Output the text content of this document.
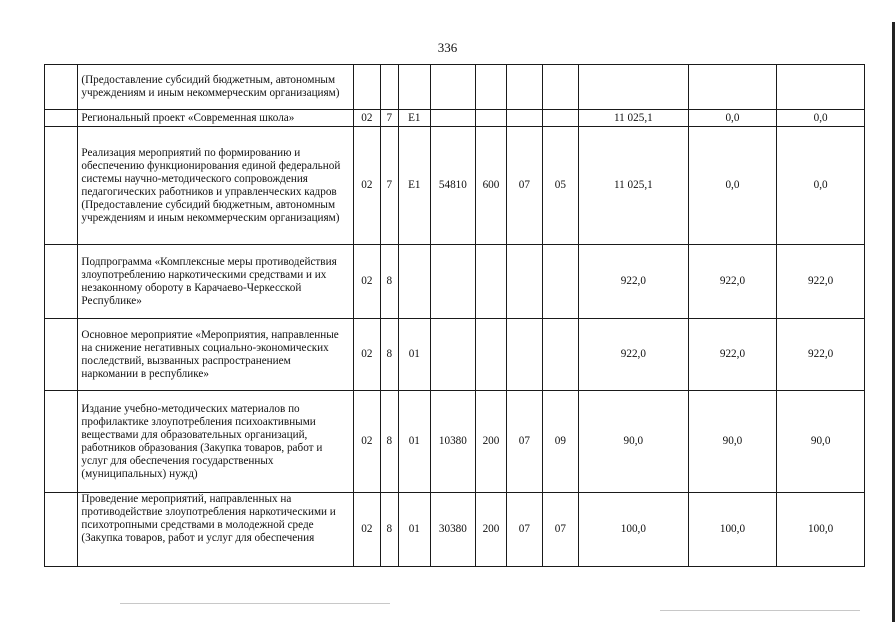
336
	(Предоставление субсидий бюджетным, автономным учреждениям и иным некоммерческим организациям)										
	Региональный проект «Современная школа»	02	7	E1					11 025,1	0,0	0,0
	Реализация мероприятий по формированию и обеспечению функционирования единой федеральной системы научно-методического сопровождения педагогических работников и управленческих кадров (Предоставление субсидий бюджетным, автономным учреждениям и иным некоммерческим организациям)	02	7	E1	54810	600	07	05	11 025,1	0,0	0,0
	Подпрограмма «Комплексные меры противодействия злоупотреблению наркотическими средствами и их незаконному обороту в Карачаево-Черкесской Республике»	02	8						922,0	922,0	922,0
	Основное мероприятие «Мероприятия, направленные на снижение негативных социально-экономических последствий, вызванных распространением наркомании в республике»	02	8	01					922,0	922,0	922,0
	Издание учебно-методических материалов по профилактике злоупотребления психоактивными веществами для образовательных организаций, работников образования (Закупка товаров, работ и услуг для обеспечения государственных (муниципальных) нужд)	02	8	01	10380	200	07	09	90,0	90,0	90,0
	Проведение мероприятий, направленных на противодействие злоупотребления наркотическими и психотропными средствами в молодежной среде (Закупка товаров, работ и услуг для обеспечения	02	8	01	30380	200	07	07	100,0	100,0	100,0
